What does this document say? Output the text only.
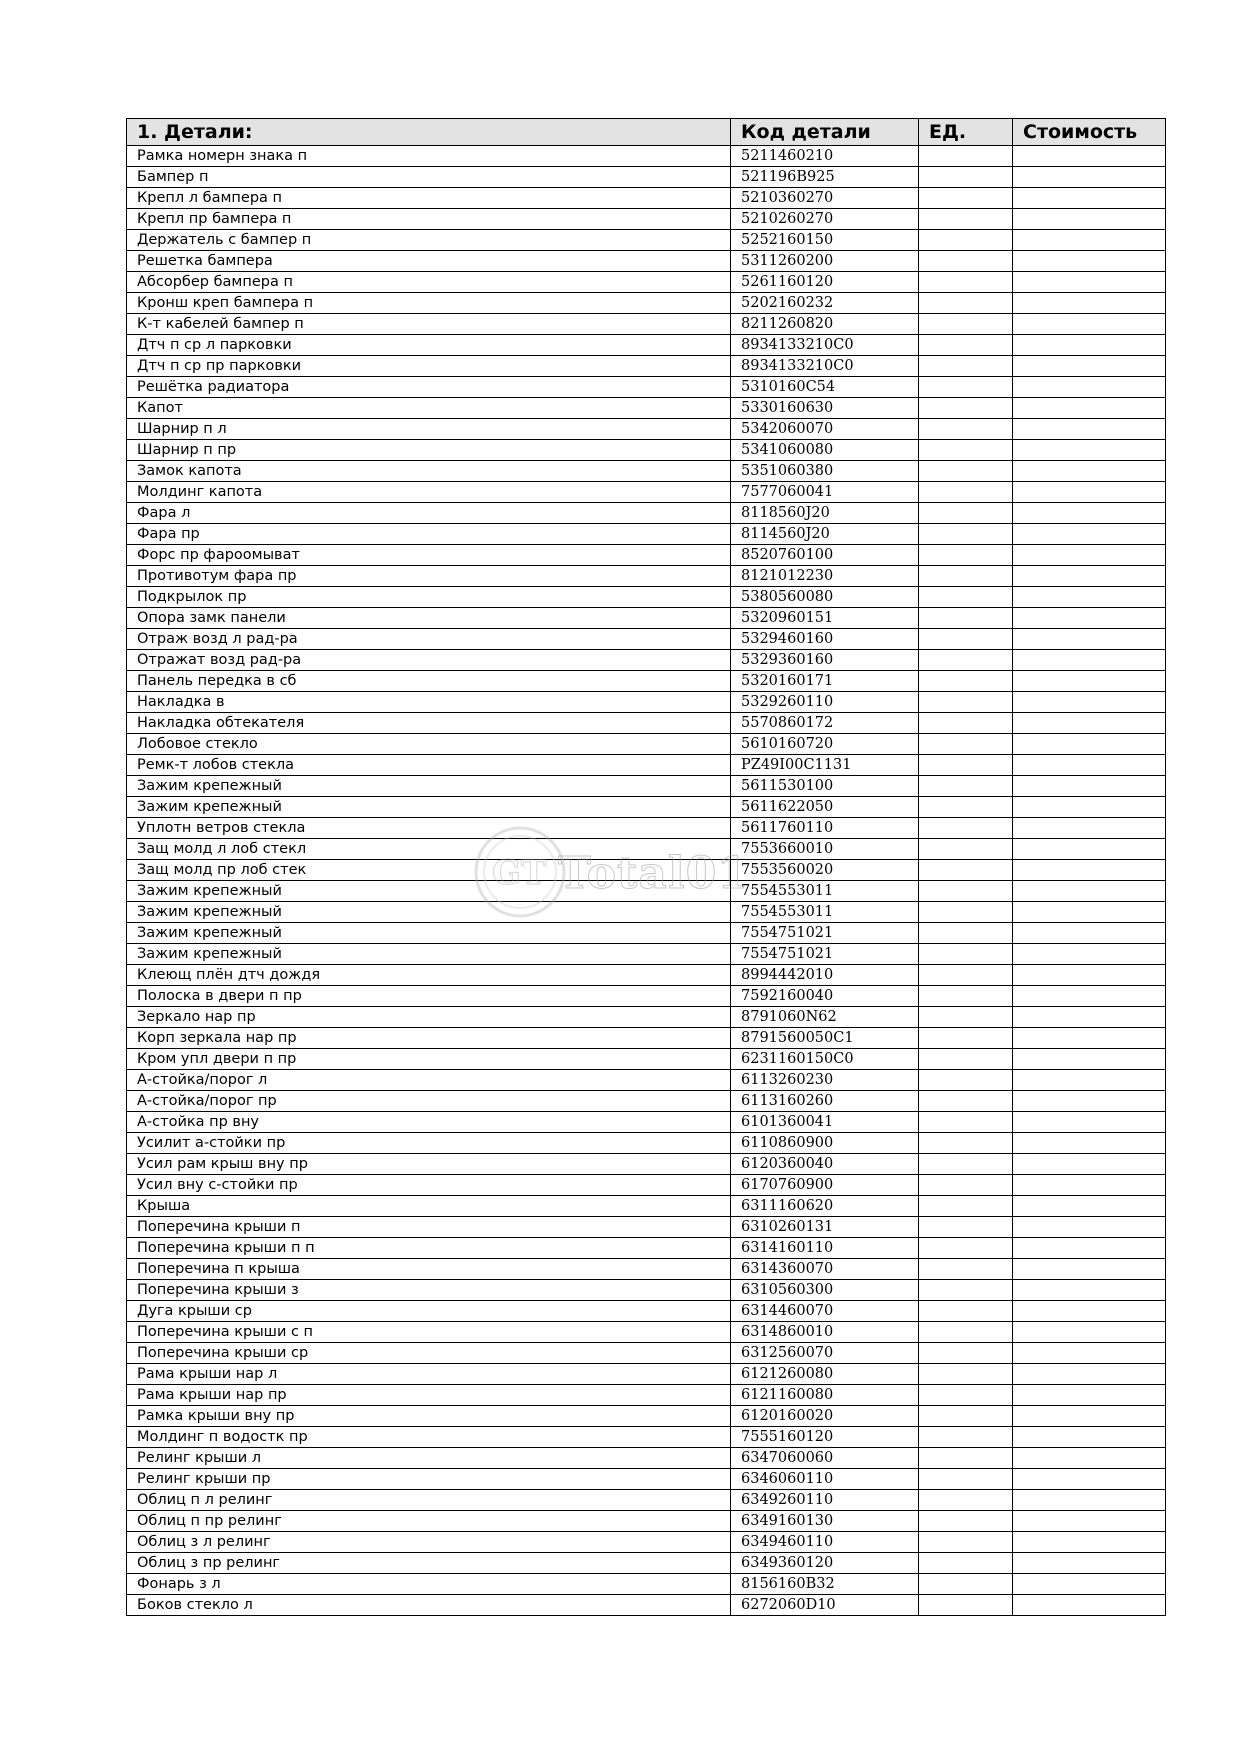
1. Детали:	Код детали	ЕД.	Стоимость
Рамка номерн знака п	5211460210		
Бампер п	521196B925		
Крепл л бампера п	5210360270		
Крепл пр бампера п	5210260270		
Держатель с бампер п	5252160150		
Решетка бампера	5311260200		
Абсорбер бампера п	5261160120		
Кронш креп бампера п	5202160232		
К-т кабелей бампер п	8211260820		
Дтч п ср л парковки	8934133210C0		
Дтч п ср пр парковки	8934133210C0		
Решётка радиатора	5310160C54		
Капот	5330160630		
Шарнир п л	5342060070		
Шарнир п пр	5341060080		
Замок капота	5351060380		
Молдинг капота	7577060041		
Фара л	8118560J20		
Фара пр	8114560J20		
Форс пр фароомыват	8520760100		
Противотум фара пр	8121012230		
Подкрылок пр	5380560080		
Опора замк панели	5320960151		
Отраж возд л рад-ра	5329460160		
Отражат возд рад-ра	5329360160		
Панель передка в сб	5320160171		
Накладка в	5329260110		
Накладка обтекателя	5570860172		
Лобовое стекло	5610160720		
Ремк-т лобов стекла	PZ49I00C1131		
Зажим крепежный	5611530100		
Зажим крепежный	5611622050		
Уплотн ветров стекла	5611760110		
Защ молд л лоб стекл	7553660010		
Защ молд пр лоб стек	7553560020		
Зажим крепежный	7554553011		
Зажим крепежный	7554553011		
Зажим крепежный	7554751021		
Зажим крепежный	7554751021		
Клеющ плён дтч дождя	8994442010		
Полоска в двери п пр	7592160040		
Зеркало нар пр	8791060N62		
Корп зеркала нар пр	8791560050C1		
Кром упл двери п пр	6231160150C0		
А-стойка/порог л	6113260230		
А-стойка/порог пр	6113160260		
А-стойка пр вну	6101360041		
Усилит а-стойки пр	6110860900		
Усил рам крыш вну пр	6120360040		
Усил вну с-стойки пр	6170760900		
Крыша	6311160620		
Поперечина крыши п	6310260131		
Поперечина крыши п п	6314160110		
Поперечина п крыша	6314360070		
Поперечина крыши з	6310560300		
Дуга крыши ср	6314460070		
Поперечина крыши с п	6314860010		
Поперечина крыши ср	6312560070		
Рама крыши нар л	6121260080		
Рама крыши нар пр	6121160080		
Рамка крыши вну пр	6120160020		
Молдинг п водостк пр	7555160120		
Релинг крыши л	6347060060		
Релинг крыши пр	6346060110		
Облиц п л релинг	6349260110		
Облиц п пр релинг	6349160130		
Облиц з л релинг	6349460110		
Облиц з пр релинг	6349360120		
Фонарь з л	8156160B32		
Боков стекло л	6272060D10		
GT Total01
